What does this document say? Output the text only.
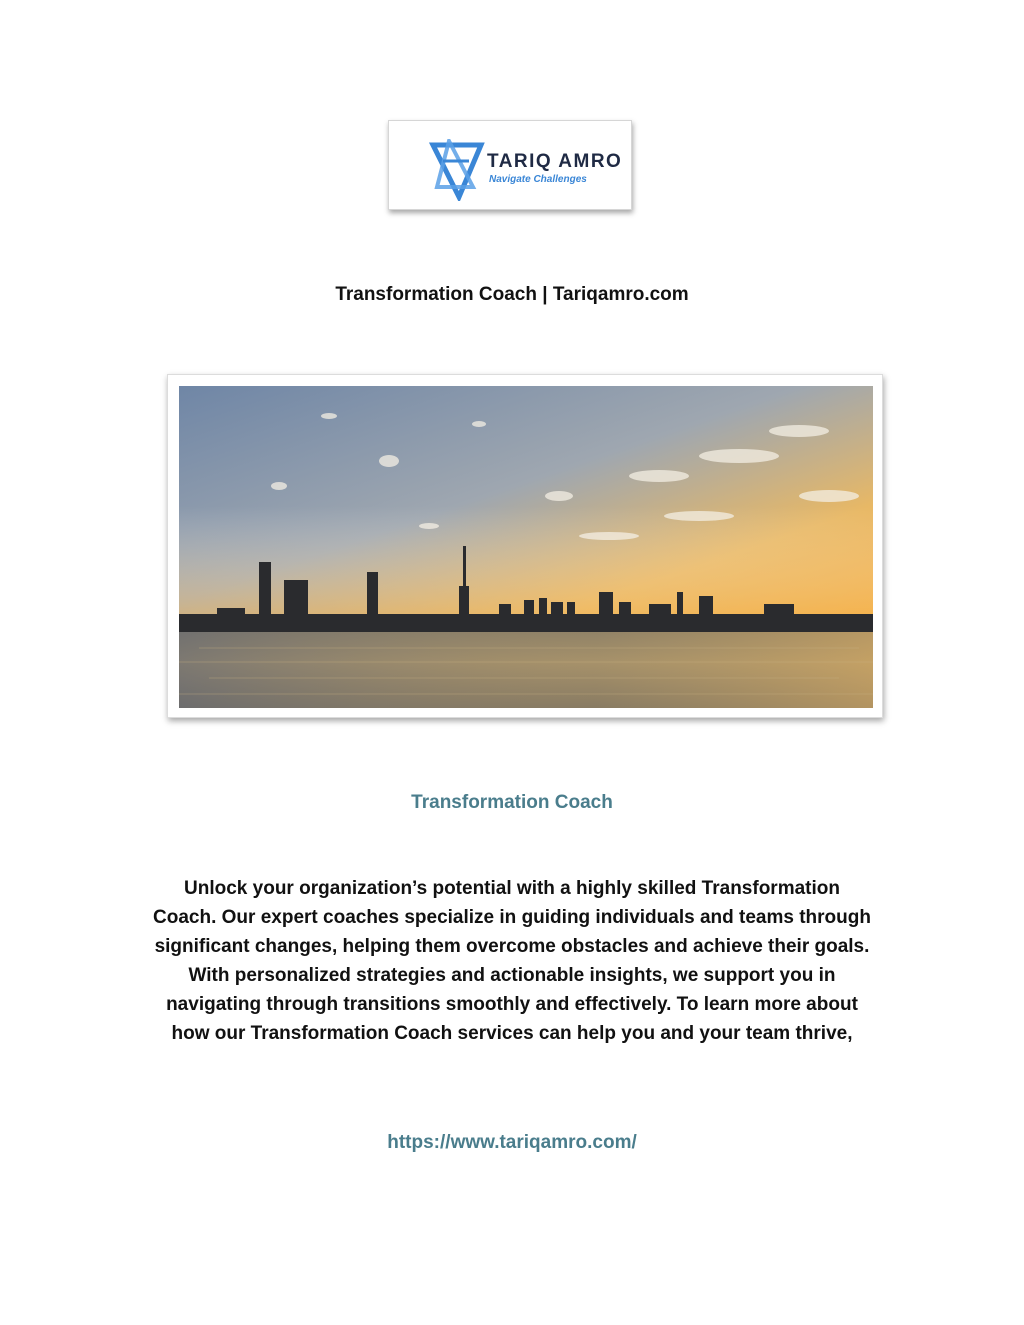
TARIQ AMRO
Navigate Challenges
Transformation Coach | Tariqamro.com
Transformation Coach
Unlock your organization’s potential with a highly skilled Transformation Coach. Our expert coaches specialize in guiding individuals and teams through significant changes, helping them overcome obstacles and achieve their goals. With personalized strategies and actionable insights, we support you in navigating through transitions smoothly and effectively. To learn more about how our Transformation Coach services can help you and your team thrive,
https://www.tariqamro.com/
